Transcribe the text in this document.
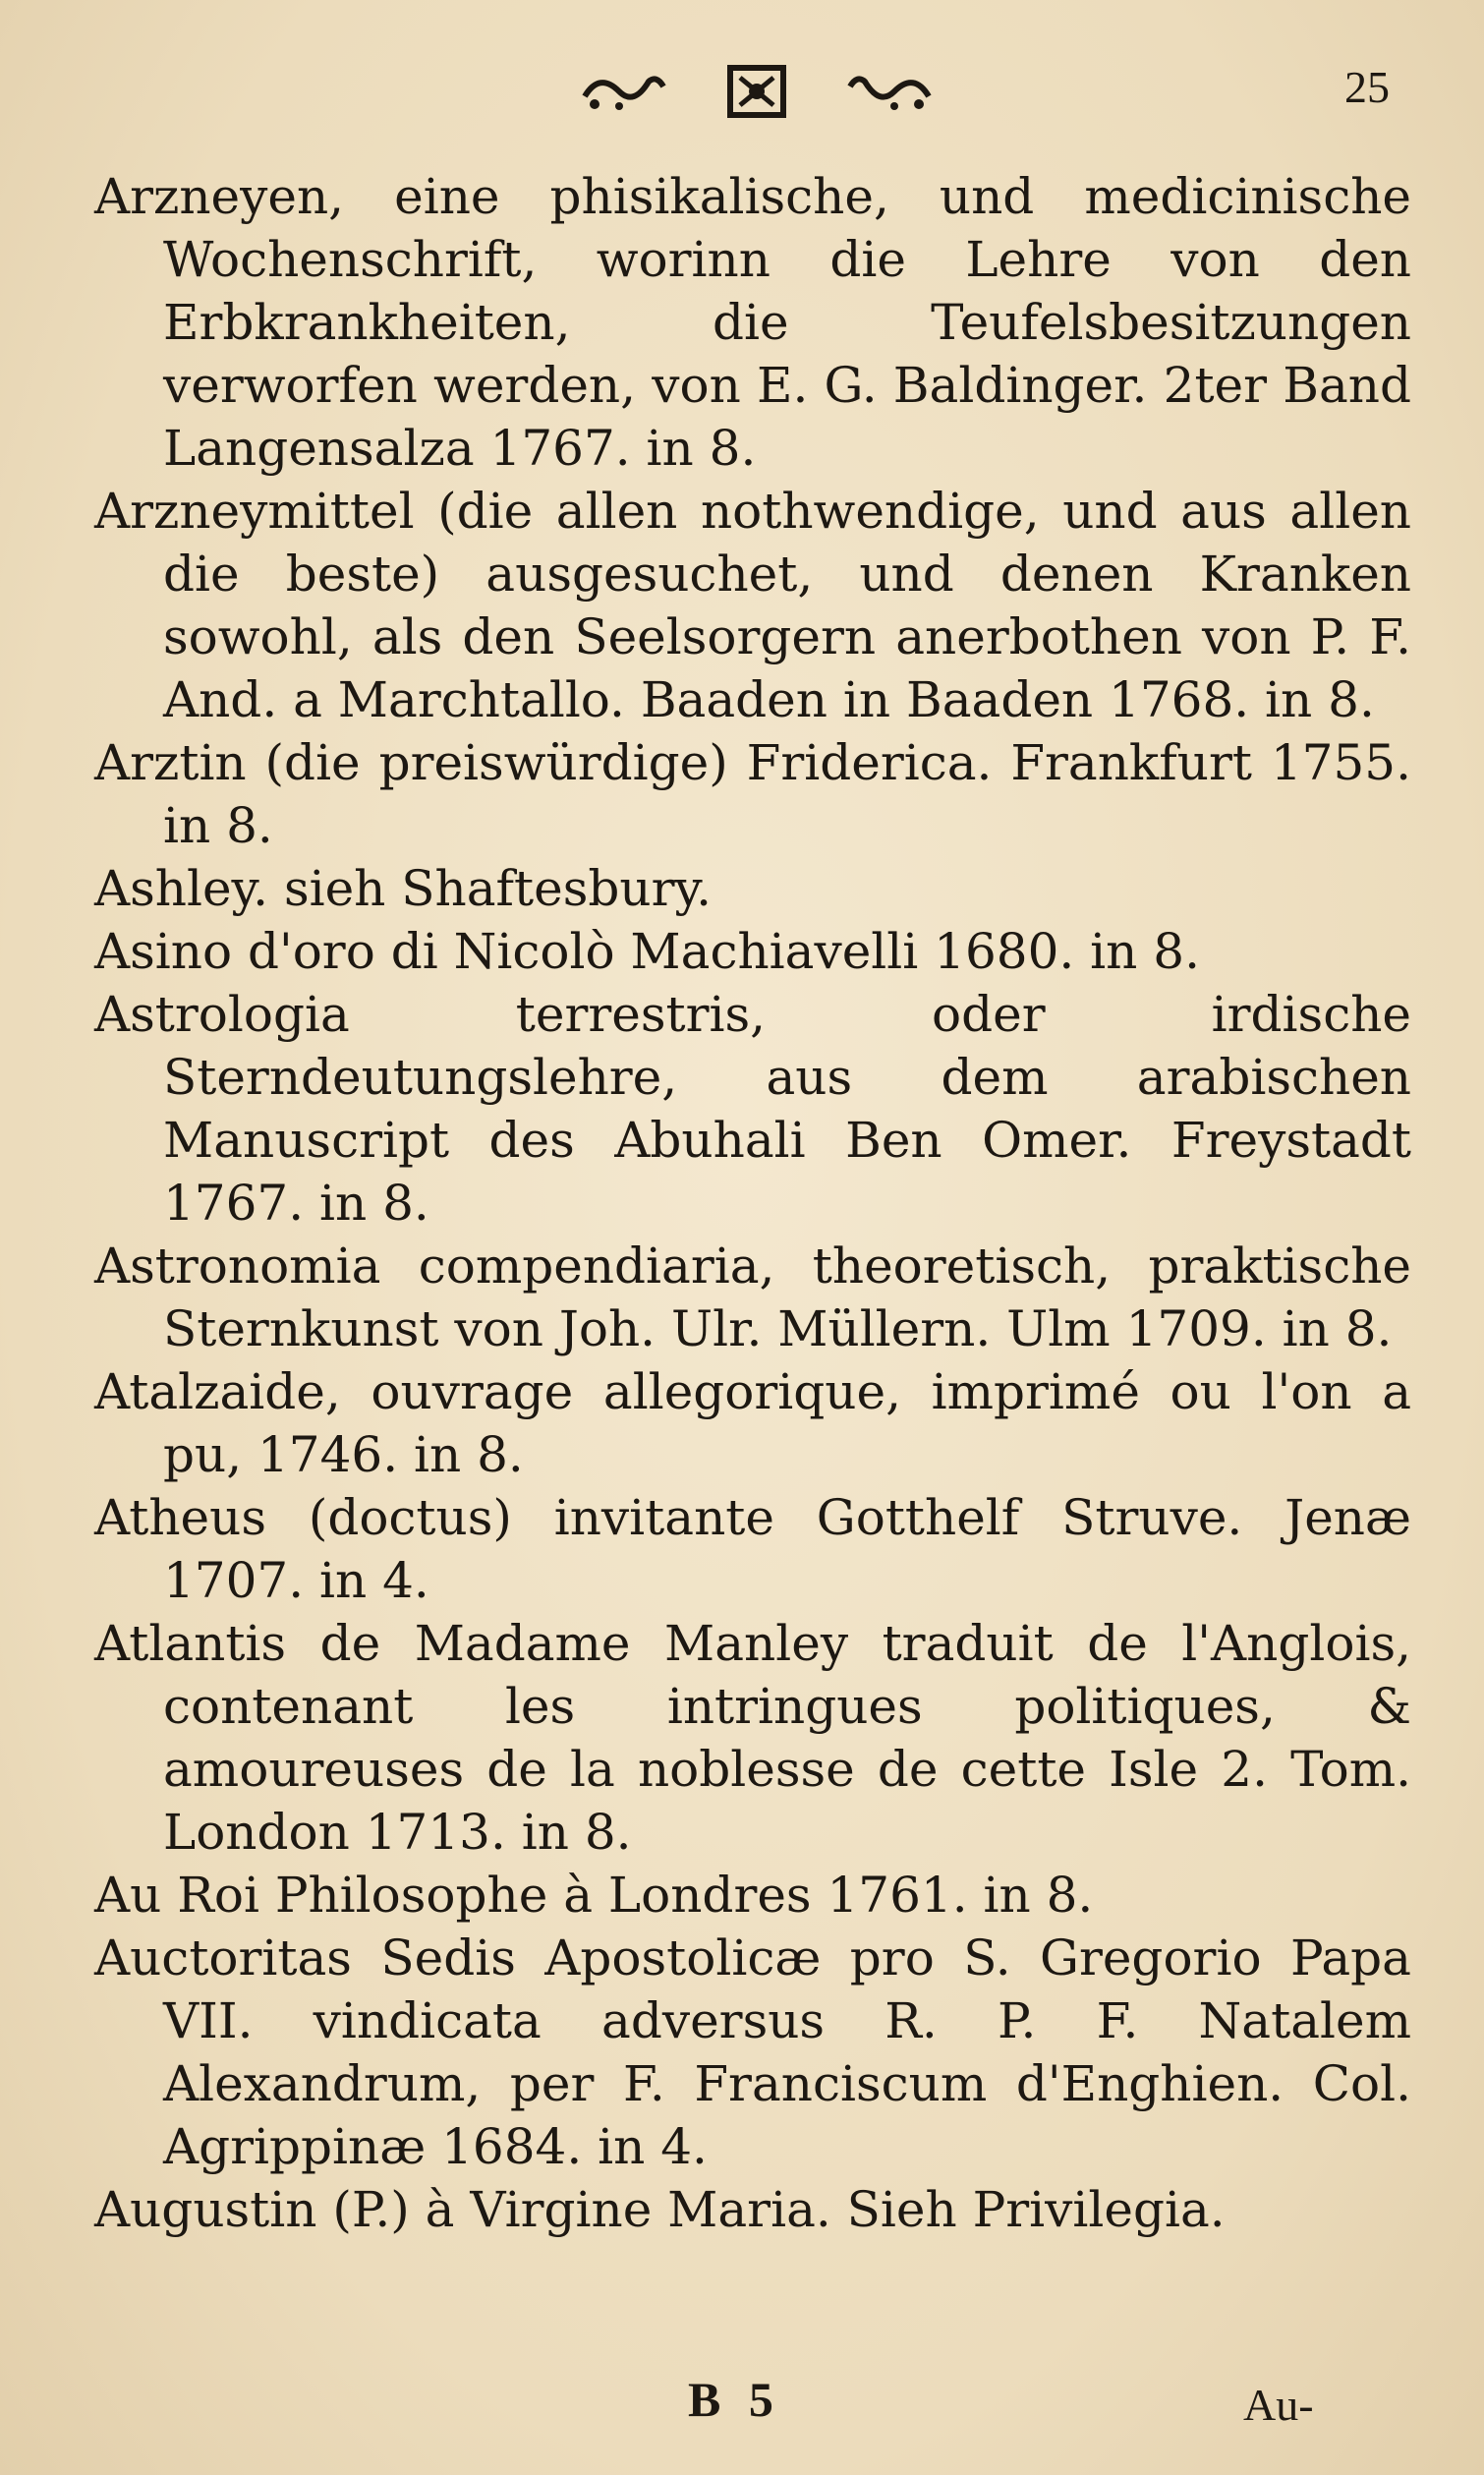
25

Arzneyen, eine phisikalische, und medicinische Wochenschrift, worinn die Lehre von den Erbkrankheiten, die Teufelsbesitzungen verworfen werden, von E. G. Baldinger. 2ter Band Langensalza 1767. in 8.

Arzneymittel (die allen nothwendige, und aus allen die beste) ausgesuchet, und denen Kranken sowohl, als den Seelsorgern anerbothen von P. F. And. a Marchtallo. Baaden in Baaden 1768. in 8.

Arztin (die preiswürdige) Friderica. Frankfurt 1755. in 8.

Ashley. sieh Shaftesbury.

Asino d'oro di Nicolò Machiavelli 1680. in 8.

Astrologia terrestris, oder irdische Sterndeutungslehre, aus dem arabischen Manuscript des Abuhali Ben Omer. Freystadt 1767. in 8.

Astronomia compendiaria, theoretisch, praktische Sternkunst von Joh. Ulr. Müllern. Ulm 1709. in 8.

Atalzaide, ouvrage allegorique, imprimé ou l'on a pu, 1746. in 8.

Atheus (doctus) invitante Gotthelf Struve. Jenæ 1707. in 4.

Atlantis de Madame Manley traduit de l'Anglois, contenant les intringues politiques, & amoureuses de la noblesse de cette Isle 2. Tom. London 1713. in 8.

Au Roi Philosophe à Londres 1761. in 8.

Auctoritas Sedis Apostolicæ pro S. Gregorio Papa VII. vindicata adversus R. P. F. Natalem Alexandrum, per F. Franciscum d'Enghien. Col. Agrippinæ 1684. in 4.

Augustin (P.) à Virgine Maria. Sieh Privilegia.

B 5	Au-
